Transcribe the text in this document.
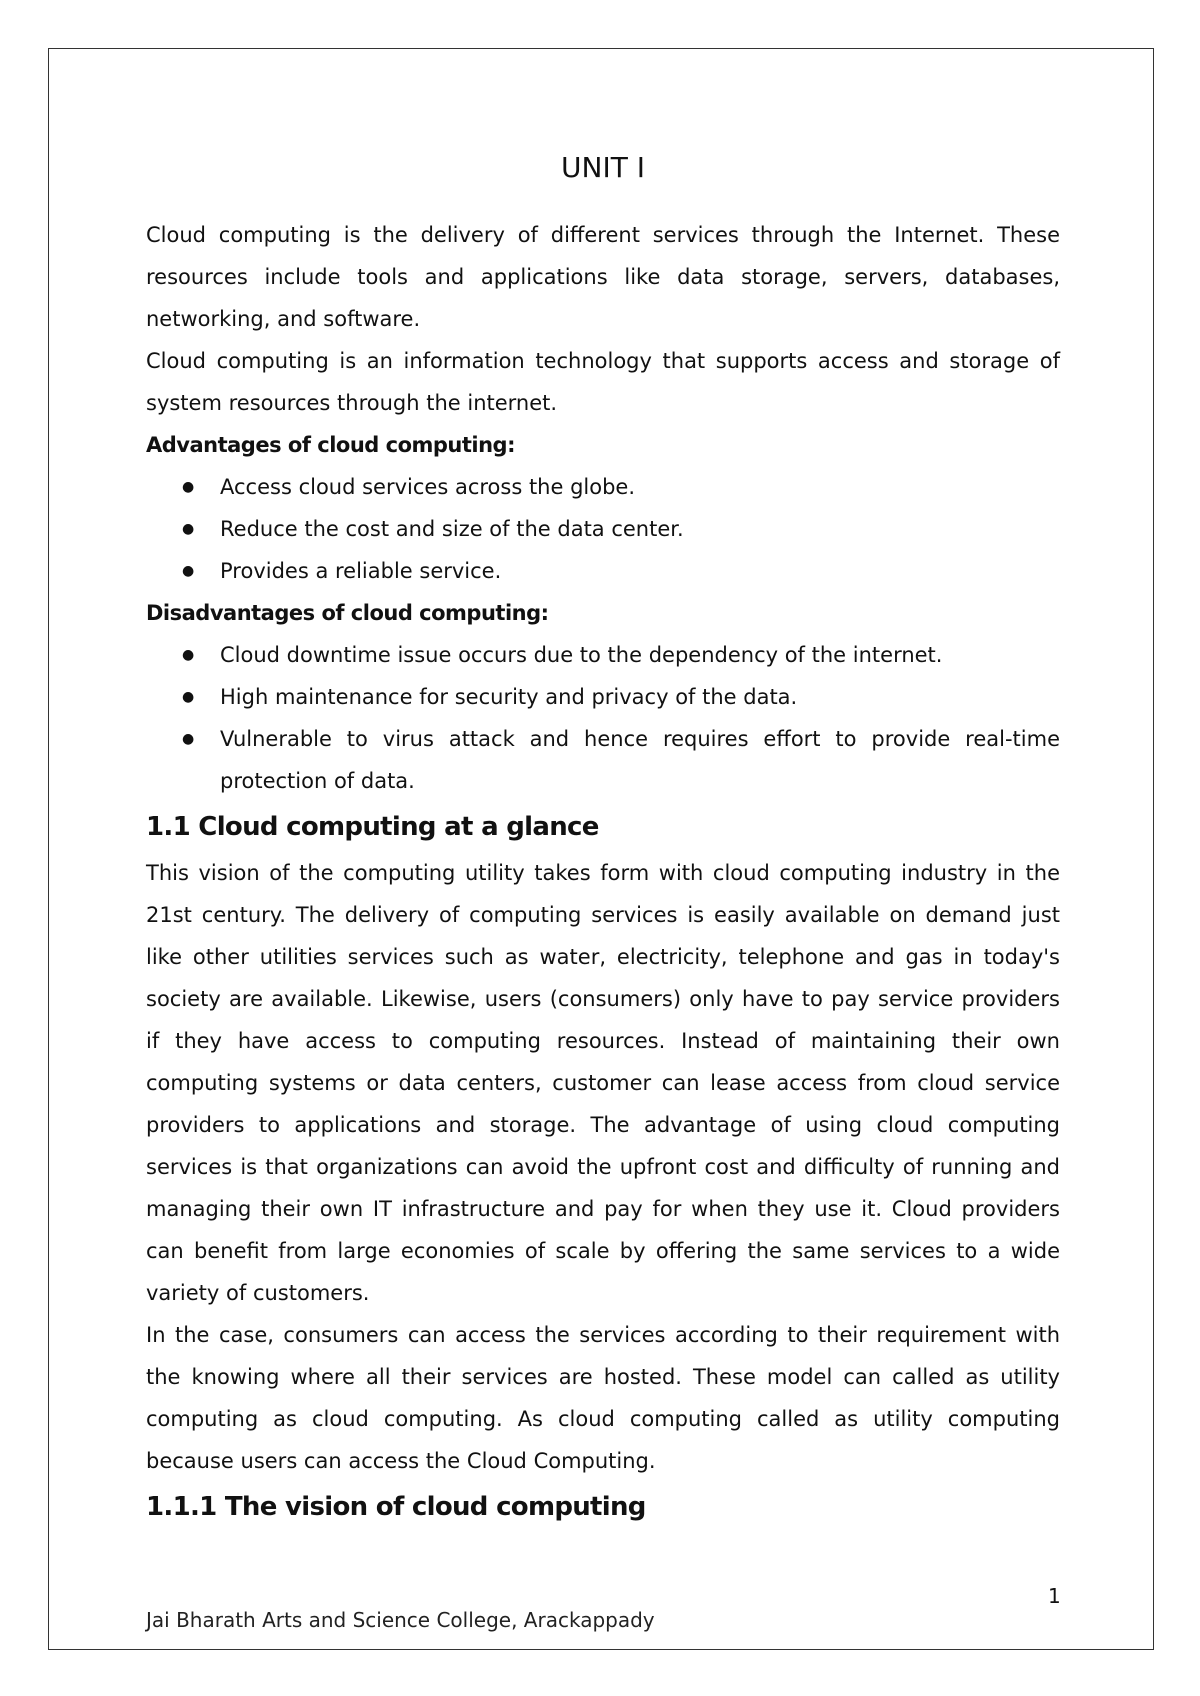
UNIT I

Cloud computing is the delivery of different services through the Internet. These resources include tools and applications like data storage, servers, databases, networking, and software.

Cloud computing is an information technology that supports access and storage of system resources through the internet.

Advantages of cloud computing:
● Access cloud services across the globe.
● Reduce the cost and size of the data center.
● Provides a reliable service.
Disadvantages of cloud computing:
● Cloud downtime issue occurs due to the dependency of the internet.
● High maintenance for security and privacy of the data.
● Vulnerable to virus attack and hence requires effort to provide real-time protection of data.
1.1 Cloud computing at a glance

This vision of the computing utility takes form with cloud computing industry in the 21st century. The delivery of computing services is easily available on demand just like other utilities services such as water, electricity, telephone and gas in today's society are available. Likewise, users (consumers) only have to pay service providers if they have access to computing resources. Instead of maintaining their own computing systems or data centers, customer can lease access from cloud service providers to applications and storage. The advantage of using cloud computing services is that organizations can avoid the upfront cost and difficulty of running and managing their own IT infrastructure and pay for when they use it. Cloud providers can benefit from large economies of scale by offering the same services to a wide variety of customers.

In the case, consumers can access the services according to their requirement with the knowing where all their services are hosted. These model can called as utility computing as cloud computing. As cloud computing called as utility computing because users can access the Cloud Computing.

1.1.1 The vision of cloud computing
1
Jai Bharath Arts and Science College, Arackappady
